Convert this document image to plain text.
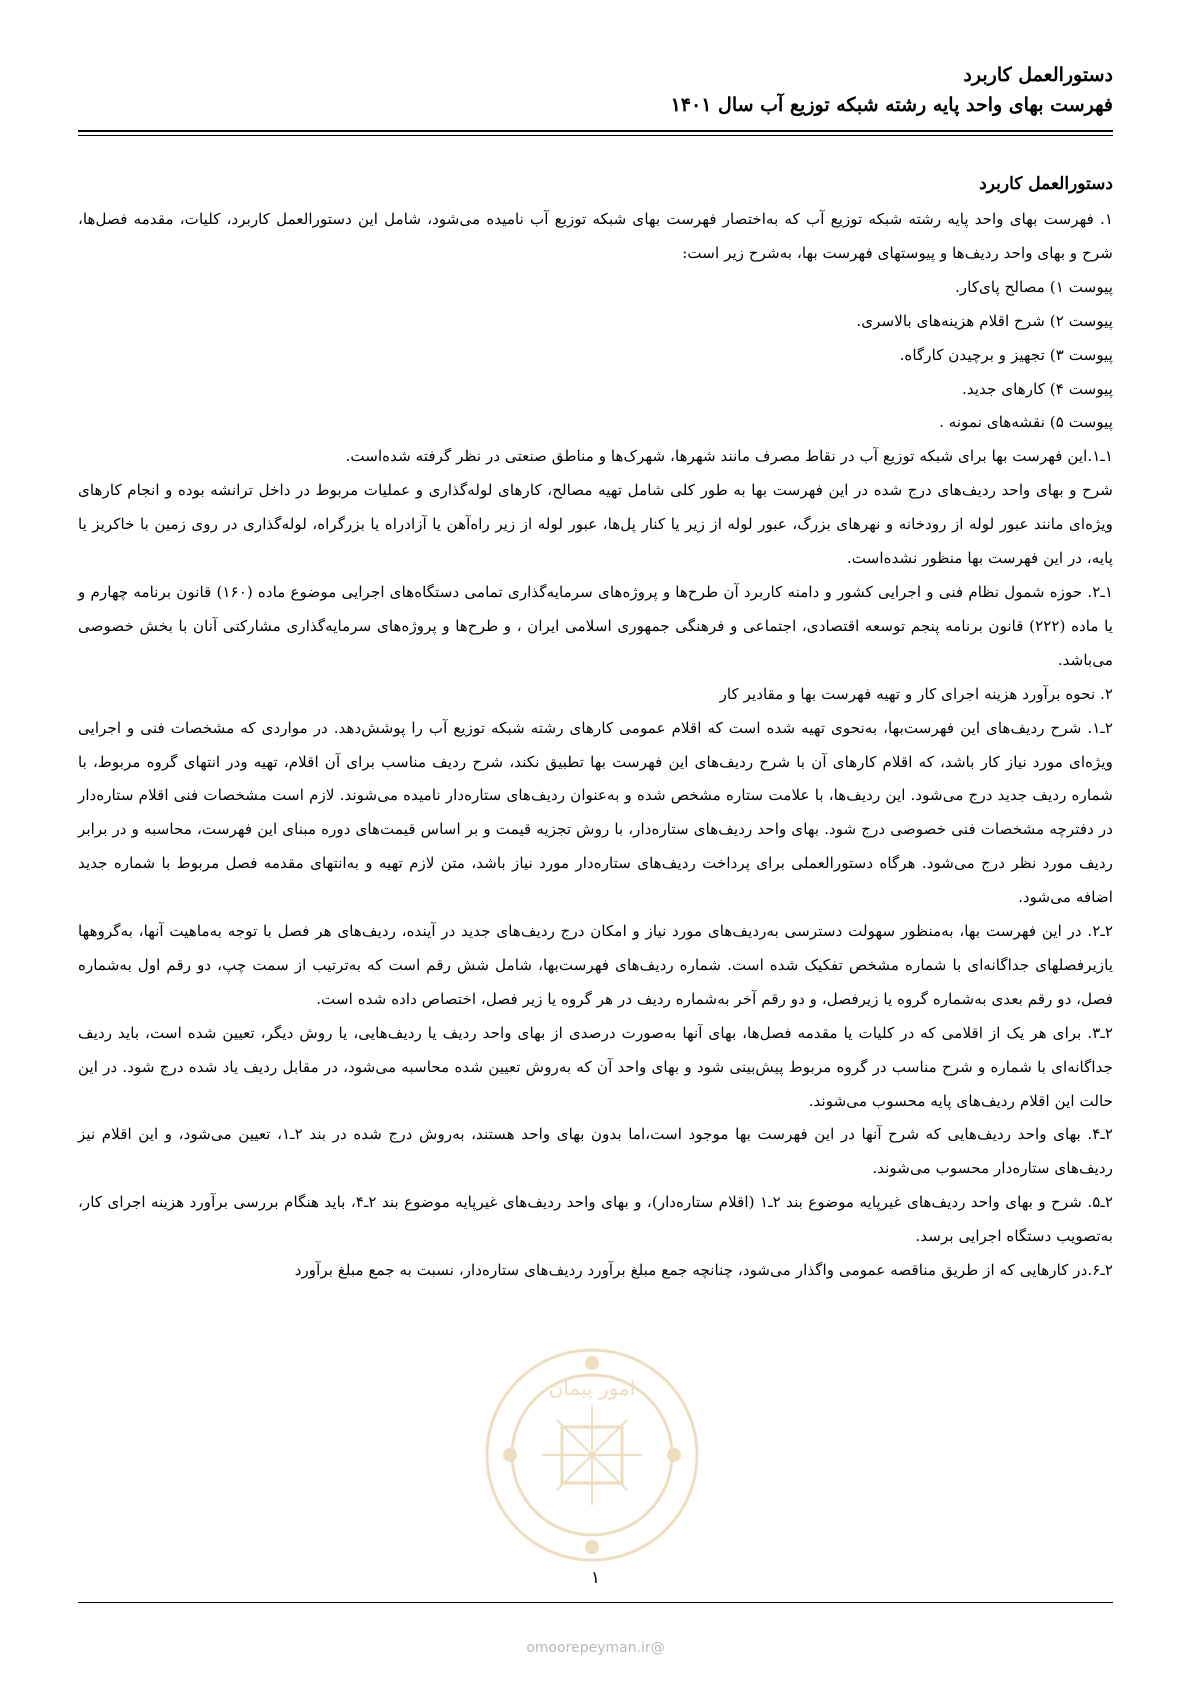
دستورالعمل کاربرد
فهرست بهای واحد پایه رشته شبکه توزیع آب سال ۱۴۰۱

دستورالعمل کاربرد

۱. فهرست بهای واحد پایه رشته شبکه توزیع آب که به‌اختصار فهرست بهای شبکه توزیع آب نامیده می‌شود، شامل این دستورالعمل کاربرد، کلیات، مقدمه فصل‌ها، شرح و بهای واحد ردیف‌ها و پیوستهای فهرست بها، به‌شرح زیر است:

پیوست ۱) مصالح پای‌کار.

پیوست ۲) شرح اقلام هزینه‌های بالاسری.

پیوست ۳) تجهیز و برچیدن کارگاه.

پیوست ۴) کارهای جدید.

پیوست ۵) نقشه‌های نمونه .

۱ـ۱.این فهرست بها برای شبکه توزیع آب در نقاط مصرف مانند شهرها، شهرک‌ها و مناطق صنعتی در نظر گرفته شده‌است.

شرح و بهای واحد ردیف‌های درج شده در این فهرست بها به طور کلی شامل تهیه مصالح، کارهای لوله‌گذاری و عملیات مربوط در داخل ترانشه بوده و انجام کارهای ویژه‌ای مانند عبور لوله از رودخانه و نهرهای بزرگ، عبور لوله از زیر یا کنار پل‌ها، عبور لوله از زیر راه‌آهن یا آزادراه یا بزرگراه، لوله‌گذاری در روی زمین با خاکریز یا پایه، در این فهرست بها منظور نشده‌است.

۱ـ۲. حوزه شمول نظام فنی و اجرایی کشور و دامنه کاربرد آن طرح‌ها و پروژه‌های سرمایه‌گذاری تمامی دستگاه‌های اجرایی موضوع ماده (۱۶۰) قانون برنامه چهارم و یا ماده (۲۲۲) قانون برنامه پنجم توسعه اقتصادی، اجتماعی و فرهنگی جمهوری اسلامی ایران ، و طرح‌ها و پروژه‌های سرمایه‌گذاری مشارکتی آنان با بخش خصوصی می‌باشد.

۲. نحوه برآورد هزینه اجرای کار و تهیه فهرست بها و مقادیر کار

۲ـ۱. شرح ردیف‌های این فهرست‌بها، به‌نحوی تهیه شده است که اقلام عمومی کارهای رشته شبکه توزیع آب را پوشش‌دهد. در مواردی که مشخصات فنی و اجرایی ویژه‌ای مورد نیاز کار باشد، که اقلام کارهای آن با شرح ردیف‌های این فهرست بها تطبیق نکند، شرح ردیف مناسب برای آن اقلام، تهیه ودر انتهای گروه مربوط، با شماره ردیف جدید درج می‌شود. این ردیف‌ها، با علامت ستاره مشخص شده و به‌عنوان ردیف‌های ستاره‌دار نامیده می‌شوند. لازم است مشخصات فنی اقلام ستاره‌دار در دفترچه مشخصات فنی خصوصی درج شود. بهای واحد ردیف‌های ستاره‌دار، با روش تجزیه قیمت و بر اساس قیمت‌های دوره مبنای این فهرست، محاسبه و در برابر ردیف مورد نظر درج می‌شود. هرگاه دستورالعملی برای پرداخت ردیف‌های ستاره‌دار مورد نیاز باشد، متن لازم تهیه و به‌انتهای مقدمه فصل مربوط با شماره جدید اضافه می‌شود.

۲ـ۲. در این فهرست بها، به‌منظور سهولت دسترسی به‌ردیف‌های مورد نیاز و امکان درج ردیف‌های جدید در آینده، ردیف‌های هر فصل با توجه به‌ماهیت آنها، به‌گروهها یازیرفصلهای جداگانه‌ای با شماره مشخص تفکیک شده است. شماره ردیف‌های فهرست‌بها، شامل شش رقم است که به‌ترتیب از سمت چپ، دو رقم اول به‌شماره فصل، دو رقم بعدی به‌شماره گروه یا زیرفصل، و دو رقم آخر به‌شماره ردیف در هر گروه یا زیر فصل، اختصاص داده شده است.

۲ـ۳. برای هر یک از اقلامی که در کلیات یا مقدمه فصل‌ها، بهای آنها به‌صورت درصدی از بهای واحد ردیف یا ردیف‌هایی، یا روش دیگر، تعیین شده است، باید ردیف جداگانه‌ای با شماره و شرح مناسب در گروه مربوط پیش‌بینی شود و بهای واحد آن که به‌روش تعیین شده محاسبه می‌شود، در مقابل ردیف یاد شده درج شود. در این حالت این اقلام ردیف‌های پایه محسوب می‌شوند.

۲ـ۴. بهای واحد ردیف‌هایی که شرح آنها در این فهرست بها موجود است،اما بدون بهای واحد هستند، به‌روش درج شده در بند ۲ـ۱، تعیین می‌شود، و این اقلام نیز ردیف‌های ستاره‌دار محسوب می‌شوند.

۲ـ۵. شرح و بهای واحد ردیف‌های غیرپایه موضوع بند ۲ـ۱ (اقلام ستاره‌دار)، و بهای واحد ردیف‌های غیرپایه موضوع بند ۲ـ۴، باید هنگام بررسی برآورد هزینه اجرای کار، به‌تصویب دستگاه اجرایی برسد.

۲ـ۶.در کارهایی که از طریق مناقصه عمومی واگذار می‌شود، چنانچه جمع مبلغ برآورد ردیف‌های ستاره‌دار، نسبت به جمع مبلغ برآورد

امور پیمان
۱
@omoorepeyman.ir
